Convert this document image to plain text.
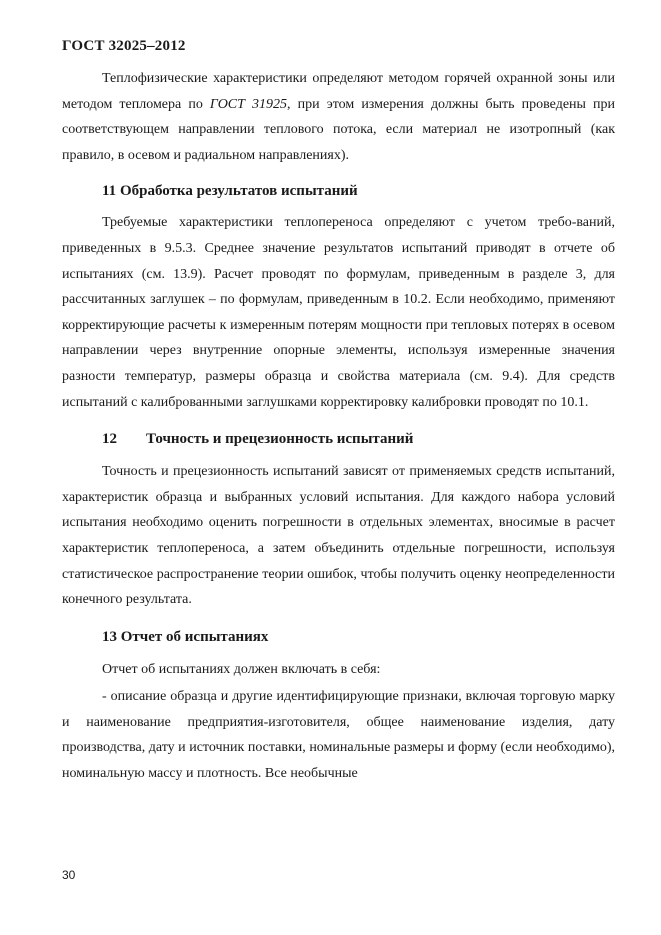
ГОСТ 32025–2012

Теплофизические характеристики определяют методом горячей охранной зоны или методом тепломера по ГОСТ 31925, при этом измерения должны быть проведены при соответствующем направлении теплового потока, если материал не изотропный (как правило, в осевом и радиальном направлениях).

11 Обработка результатов испытаний

Требуемые характеристики теплопереноса определяют с учетом требо-ваний, приведенных в 9.5.3. Среднее значение результатов испытаний приводят в отчете об испытаниях (см. 13.9). Расчет проводят по формулам, приведенным в разделе 3, для рассчитанных заглушек – по формулам, приведенным в 10.2. Если необходимо, применяют корректирующие расчеты к измеренным потерям мощности при тепловых потерях в осевом направлении через внутренние опорные элементы, используя измеренные значения разности температур, размеры образца и свойства материала (см. 9.4). Для средств испытаний с калиброванными заглушками корректировку калибровки проводят по 10.1.

12 Точность и прецезионность испытаний

Точность и прецезионность испытаний зависят от применяемых средств испытаний, характеристик образца и выбранных условий испытания. Для каждого набора условий испытания необходимо оценить погрешности в отдельных элементах, вносимые в расчет характеристик теплопереноса, а затем объединить отдельные погрешности, используя статистическое распространение теории ошибок, чтобы получить оценку неопределенности конечного результата.

13 Отчет об испытаниях

Отчет об испытаниях должен включать в себя:

- описание образца и другие идентифицирующие признаки, включая торговую марку и наименование предприятия-изготовителя, общее наименование изделия, дату производства, дату и источник поставки, номинальные размеры и форму (если необходимо), номинальную массу и плотность. Все необычные

30
